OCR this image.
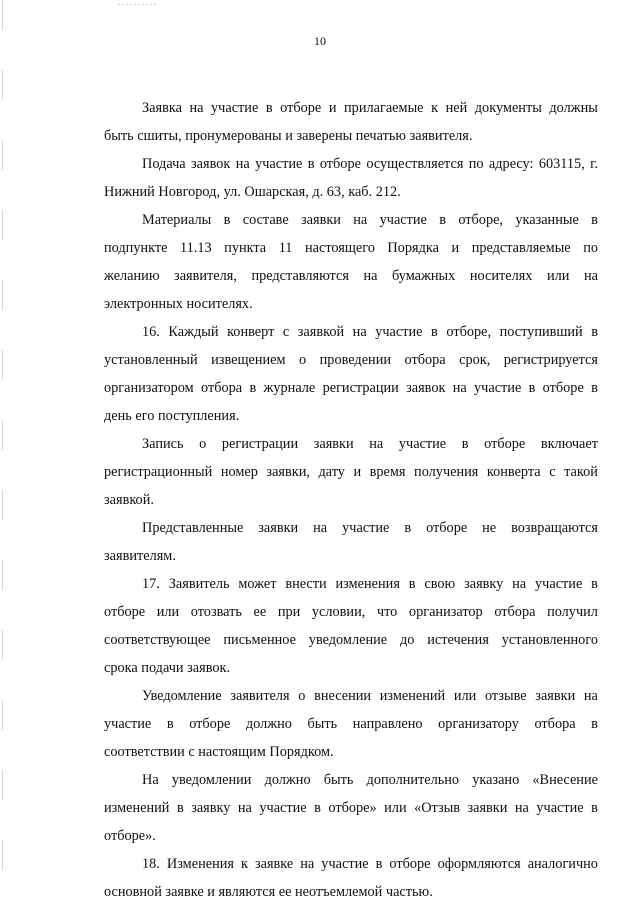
10
Заявка на участие в отборе и прилагаемые к ней документы должны
быть сшиты, пронумерованы и заверены печатью заявителя.
Подача заявок на участие в отборе осуществляется по адресу: 603115, г.
Нижний Новгород, ул. Ошарская, д. 63, каб. 212.
Материалы в составе заявки на участие в отборе, указанные в
подпункте 11.13 пункта 11 настоящего Порядка и представляемые по
желанию заявителя, представляются на бумажных носителях или на
электронных носителях.
16. Каждый конверт с заявкой на участие в отборе, поступивший в
установленный извещением о проведении отбора срок, регистрируется
организатором отбора в журнале регистрации заявок на участие в отборе в
день его поступления.
Запись о регистрации заявки на участие в отборе включает
регистрационный номер заявки, дату и время получения конверта с такой
заявкой.
Представленные заявки на участие в отборе не возвращаются
заявителям.
17. Заявитель может внести изменения в свою заявку на участие в
отборе или отозвать ее при условии, что организатор отбора получил
соответствующее письменное уведомление до истечения установленного
срока подачи заявок.
Уведомление заявителя о внесении изменений или отзыве заявки на
участие в отборе должно быть направлено организатору отбора в
соответствии с настоящим Порядком.
На уведомлении должно быть дополнительно указано «Внесение
изменений в заявку на участие в отборе» или «Отзыв заявки на участие в
отборе».
18. Изменения к заявке на участие в отборе оформляются аналогично
основной заявке и являются ее неотъемлемой частью.
